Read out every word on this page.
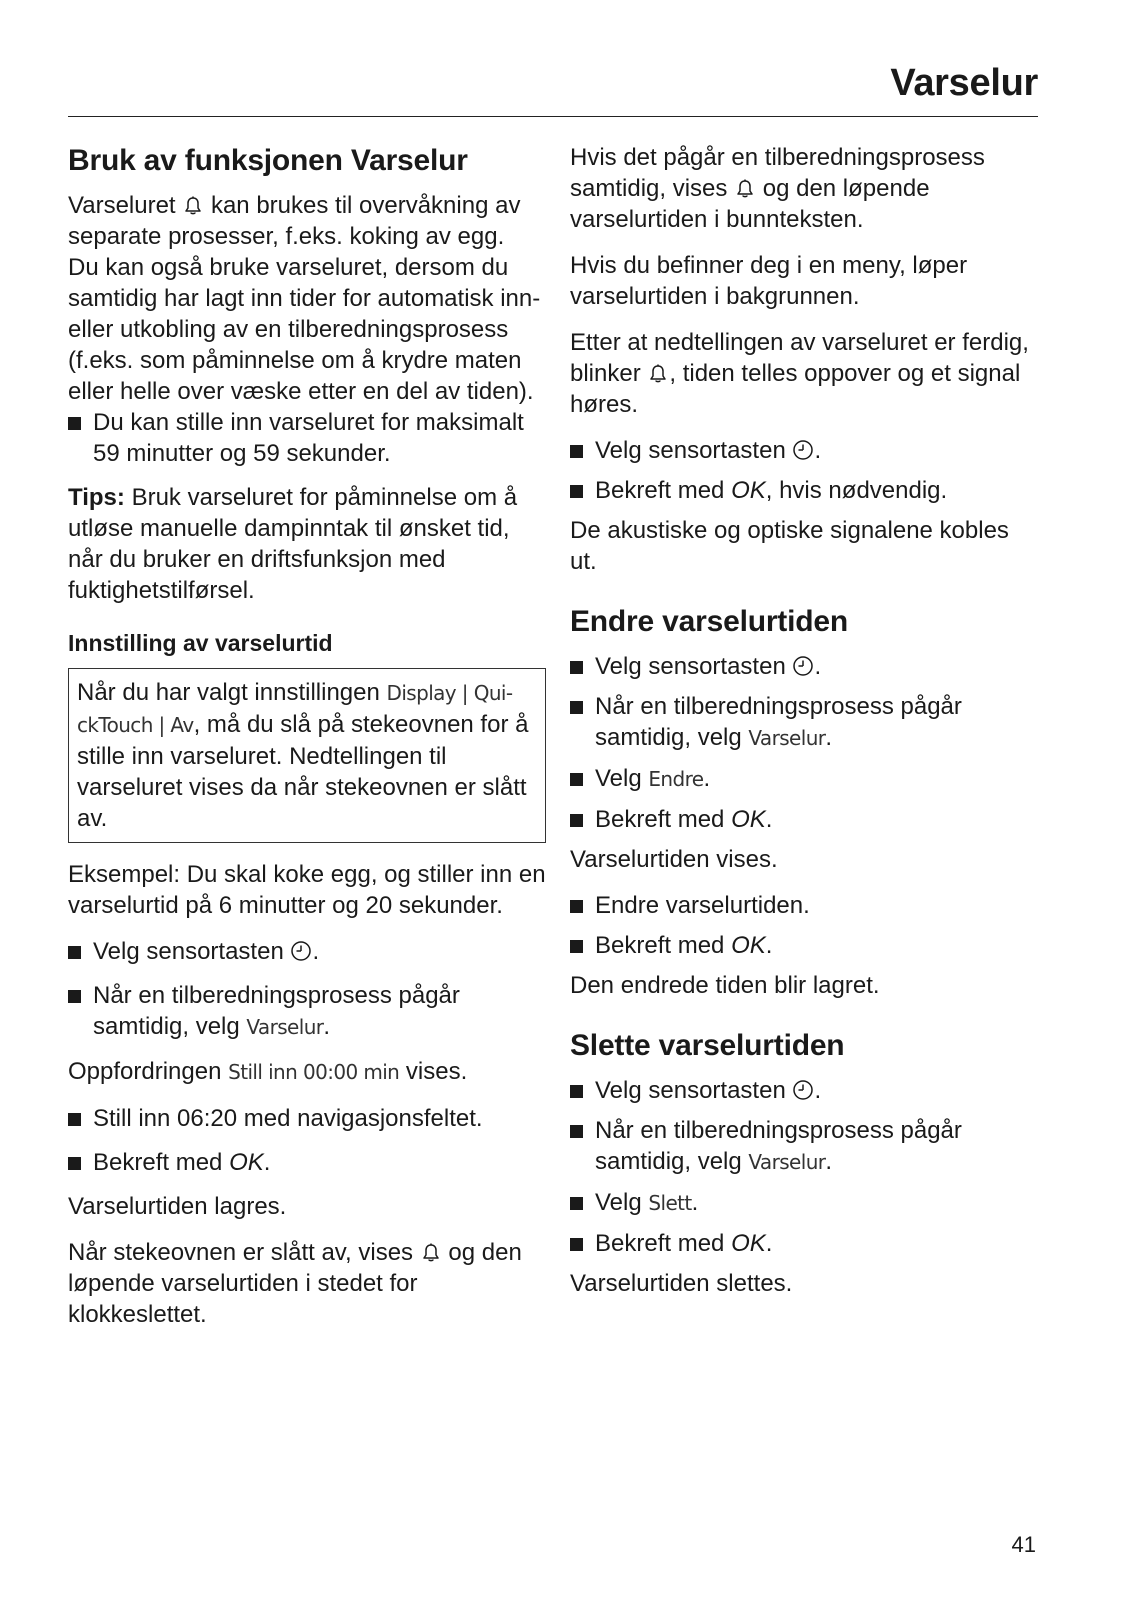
Varselur
Bruk av funksjonen Varselur

Varseluret kan brukes til overvåkning av separate prosesser, f.eks. koking av egg.

Du kan også bruke varseluret, dersom du samtidig har lagt inn tider for automatisk inn- eller utkobling av en tilberedningsprosess (f.eks. som påminnelse om å krydre maten eller helle over væske etter en del av tiden).

Du kan stille inn varseluret for maksimalt 59 minutter og 59 sekunder.

Tips: Bruk varseluret for påminnelse om å utløse manuelle dampinntak til ønsket tid, når du bruker en driftsfunksjon med fuktighetstilførsel.

Innstilling av varselurtid
Når du har valgt innstillingen Display | QuickTouch | Av, må du slå på stekeovnen for å stille inn varseluret. Nedtellingen til varseluret vises da når stekeovnen er slått av.

Eksempel: Du skal koke egg, og stiller inn en varselurtid på 6 minutter og 20 sekunder.

Velg sensortasten .
Når en tilberedningsprosess pågår samtidig, velg Varselur.

Oppfordringen Still inn 00:00 min vises.

Still inn 06:20 med navigasjonsfeltet.
Bekreft med OK.

Varselurtiden lagres.

Når stekeovnen er slått av, vises og den løpende varselurtiden i stedet for klokkeslettet.

Hvis det pågår en tilberedningsprosess samtidig, vises og den løpende varselurtiden i bunnteksten.

Hvis du befinner deg i en meny, løper varselurtiden i bakgrunnen.

Etter at nedtellingen av varseluret er ferdig, blinker , tiden telles oppover og et signal høres.

Velg sensortasten .
Bekreft med OK, hvis nødvendig.

De akustiske og optiske signalene kobles ut.

Endre varselurtiden
Velg sensortasten .
Når en tilberedningsprosess pågår samtidig, velg Varselur.
Velg Endre.
Bekreft med OK.

Varselurtiden vises.

Endre varselurtiden.
Bekreft med OK.

Den endrede tiden blir lagret.

Slette varselurtiden
Velg sensortasten .
Når en tilberedningsprosess pågår samtidig, velg Varselur.
Velg Slett.
Bekreft med OK.

Varselurtiden slettes.

41
